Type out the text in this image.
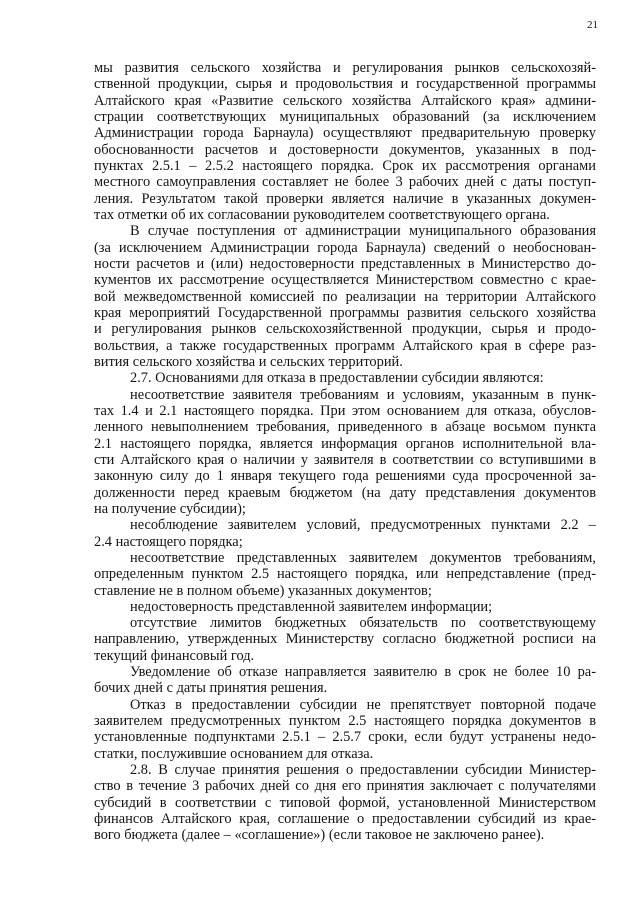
21

мы развития сельского хозяйства и регулирования рынков сельскохозяй-
ственной продукции, сырья и продовольствия и государственной программы
Алтайского края «Развитие сельского хозяйства Алтайского края» админи-
страции соответствующих муниципальных образований (за исключением
Администрации города Барнаула) осуществляют предварительную проверку
обоснованности расчетов и достоверности документов, указанных в под-
пунктах 2.5.1 – 2.5.2 настоящего порядка. Срок их рассмотрения органами
местного самоуправления составляет не более 3 рабочих дней с даты поступ-
ления. Результатом такой проверки является наличие в указанных докумен-
тах отметки об их согласовании руководителем соответствующего органа.

В случае поступления от администрации муниципального образования
(за исключением Администрации города Барнаула) сведений о необоснован-
ности расчетов и (или) недостоверности представленных в Министерство до-
кументов их рассмотрение осуществляется Министерством совместно с крае-
вой межведомственной комиссией по реализации на территории Алтайского
края мероприятий Государственной программы развития сельского хозяйства
и регулирования рынков сельскохозяйственной продукции, сырья и продо-
вольствия, а также государственных программ Алтайского края в сфере раз-
вития сельского хозяйства и сельских территорий.

2.7. Основаниями для отказа в предоставлении субсидии являются:

несоответствие заявителя требованиям и условиям, указанным в пунк-
тах 1.4 и 2.1 настоящего порядка. При этом основанием для отказа, обуслов-
ленного невыполнением требования, приведенного в абзаце восьмом пункта
2.1 настоящего порядка, является информация органов исполнительной вла-
сти Алтайского края о наличии у заявителя в соответствии со вступившими в
законную силу до 1 января текущего года решениями суда просроченной за-
долженности перед краевым бюджетом (на дату представления документов
на получение субсидии);

несоблюдение заявителем условий, предусмотренных пунктами 2.2 –
2.4 настоящего порядка;

несоответствие представленных заявителем документов требованиям,
определенным пунктом 2.5 настоящего порядка, или непредставление (пред-
ставление не в полном объеме) указанных документов;

недостоверность представленной заявителем информации;

отсутствие лимитов бюджетных обязательств по соответствующему
направлению, утвержденных Министерству согласно бюджетной росписи на
текущий финансовый год.

Уведомление об отказе направляется заявителю в срок не более 10 ра-
бочих дней с даты принятия решения.

Отказ в предоставлении субсидии не препятствует повторной подаче
заявителем предусмотренных пунктом 2.5 настоящего порядка документов в
установленные подпунктами 2.5.1 – 2.5.7 сроки, если будут устранены недо-
статки, послужившие основанием для отказа.

2.8. В случае принятия решения о предоставлении субсидии Министер-
ство в течение 3 рабочих дней со дня его принятия заключает с получателями
субсидий в соответствии с типовой формой, установленной Министерством
финансов Алтайского края, соглашение о предоставлении субсидий из крае-
вого бюджета (далее – «соглашение») (если таковое не заключено ранее).
